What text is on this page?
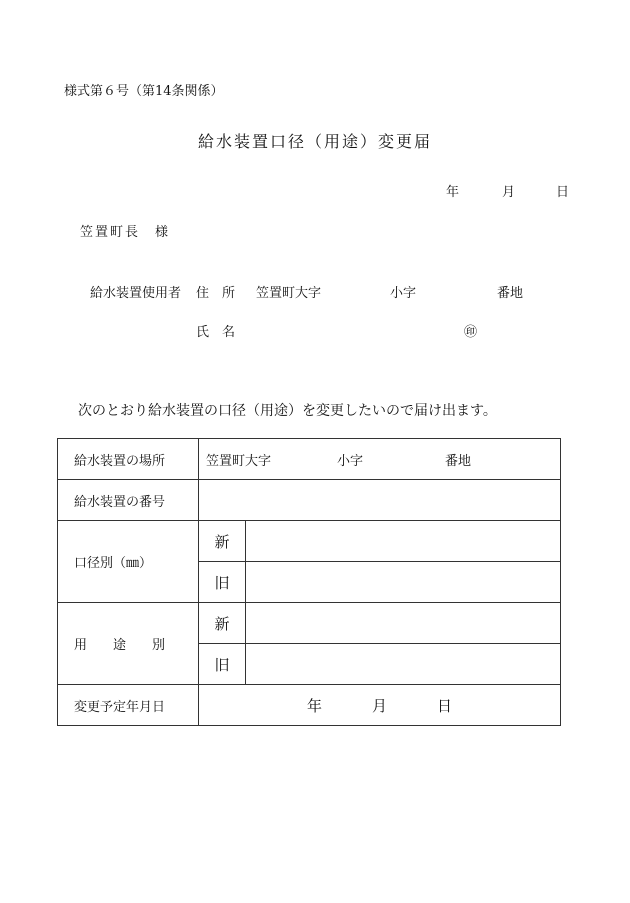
様式第６号（第14条関係）
給水装置口径（用途）変更届
年	月	日
笠置町長　様
給水装置使用者 住　所 笠置町大字	小字	番地
氏　名	㊞
次のとおり給水装置の口径（用途）を変更したいので届け出ます。
給水装置の場所	笠置町大字 小字 番地	
給水装置の番号		
口径別（㎜）	新	
	旧	
用　　途　　別	新	
	旧	
変更予定年月日	年 月 日	
